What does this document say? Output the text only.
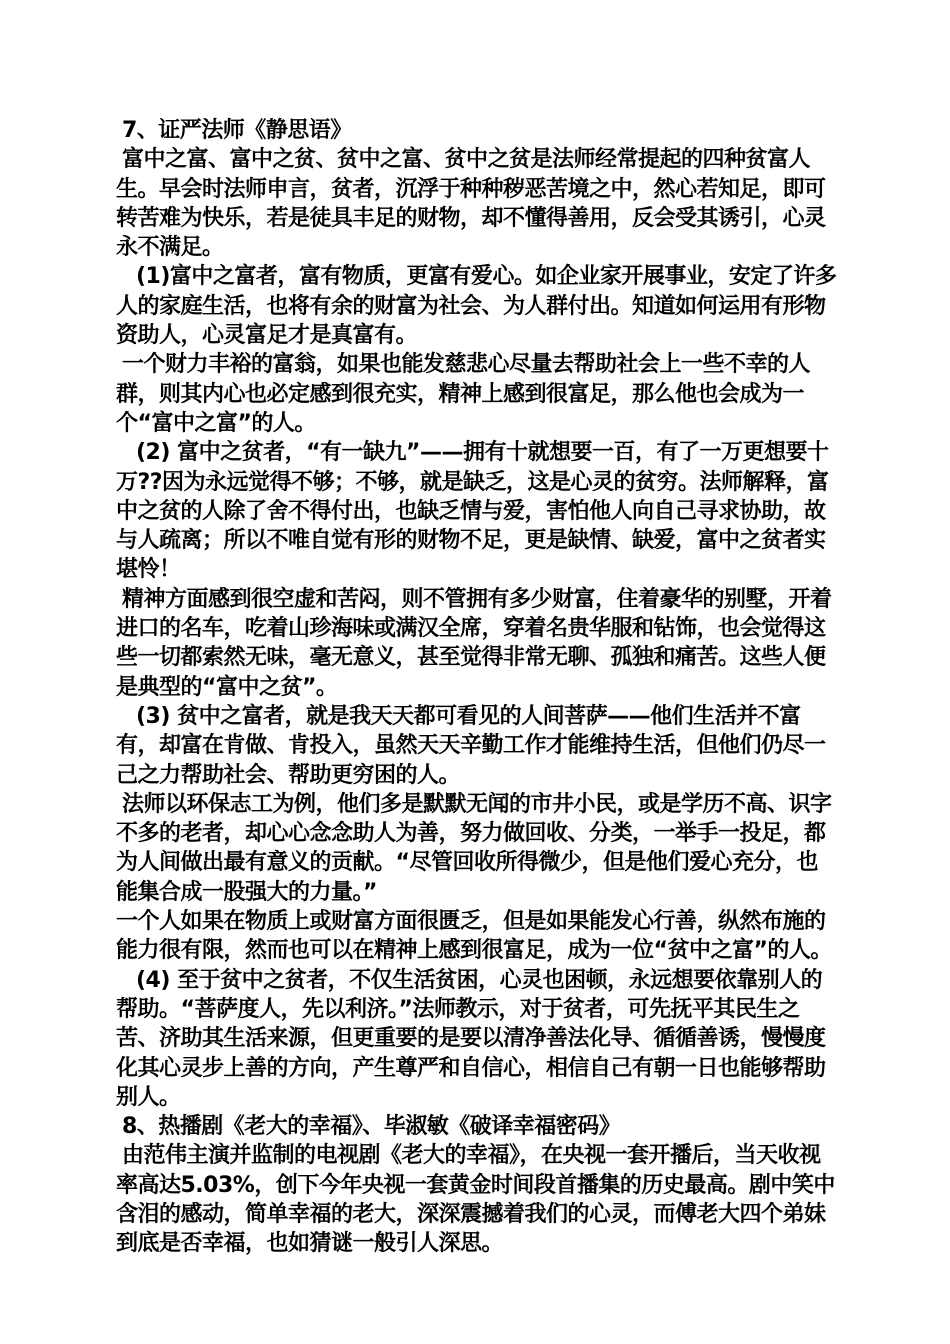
7、证严法师《静思语》

富中之富、富中之贫、贫中之富、贫中之贫是法师经常提起的四种贫富人生。早会时法师申言，贫者，沉浮于种种秽恶苦境之中，然心若知足，即可转苦难为快乐，若是徒具丰足的财物，却不懂得善用，反会受其诱引，心灵永不满足。

(1)富中之富者，富有物质，更富有爱心。如企业家开展事业，安定了许多人的家庭生活，也将有余的财富为社会、为人群付出。知道如何运用有形物资助人，心灵富足才是真富有。

一个财力丰裕的富翁，如果也能发慈悲心尽量去帮助社会上一些不幸的人群，则其内心也必定感到很充实，精神上感到很富足，那么他也会成为一个“富中之富”的人。

(2) 富中之贫者，“有一缺九”——拥有十就想要一百，有了一万更想要十万??因为永远觉得不够；不够，就是缺乏，这是心灵的贫穷。法师解释，富中之贫的人除了舍不得付出，也缺乏情与爱，害怕他人向自己寻求协助，故与人疏离；所以不唯自觉有形的财物不足，更是缺情、缺爱，富中之贫者实堪怜！

精神方面感到很空虚和苦闷，则不管拥有多少财富，住着豪华的别墅，开着进口的名车，吃着山珍海味或满汉全席，穿着名贵华服和钻饰，也会觉得这些一切都索然无味，毫无意义，甚至觉得非常无聊、孤独和痛苦。这些人便是典型的“富中之贫”。

(3) 贫中之富者，就是我天天都可看见的人间菩萨——他们生活并不富有，却富在肯做、肯投入，虽然天天辛勤工作才能维持生活，但他们仍尽一己之力帮助社会、帮助更穷困的人。

法师以环保志工为例，他们多是默默无闻的市井小民，或是学历不高、识字不多的老者，却心心念念助人为善，努力做回收、分类，一举手一投足，都为人间做出最有意义的贡献。“尽管回收所得微少，但是他们爱心充分，也能集合成一股强大的力量。”

一个人如果在物质上或财富方面很匮乏，但是如果能发心行善，纵然布施的能力很有限，然而也可以在精神上感到很富足，成为一位“贫中之富”的人。

(4) 至于贫中之贫者，不仅生活贫困，心灵也困顿，永远想要依靠别人的帮助。“菩萨度人，先以利济。”法师教示，对于贫者，可先抚平其民生之苦、济助其生活来源，但更重要的是要以清净善法化导、循循善诱，慢慢度化其心灵步上善的方向，产生尊严和自信心，相信自己有朝一日也能够帮助别人。

8、热播剧《老大的幸福》、毕淑敏《破译幸福密码》

由范伟主演并监制的电视剧《老大的幸福》，在央视一套开播后，当天收视率高达5.03%，创下今年央视一套黄金时间段首播集的历史最高。剧中笑中含泪的感动，简单幸福的老大，深深震撼着我们的心灵，而傅老大四个弟妹到底是否幸福，也如猜谜一般引人深思。
